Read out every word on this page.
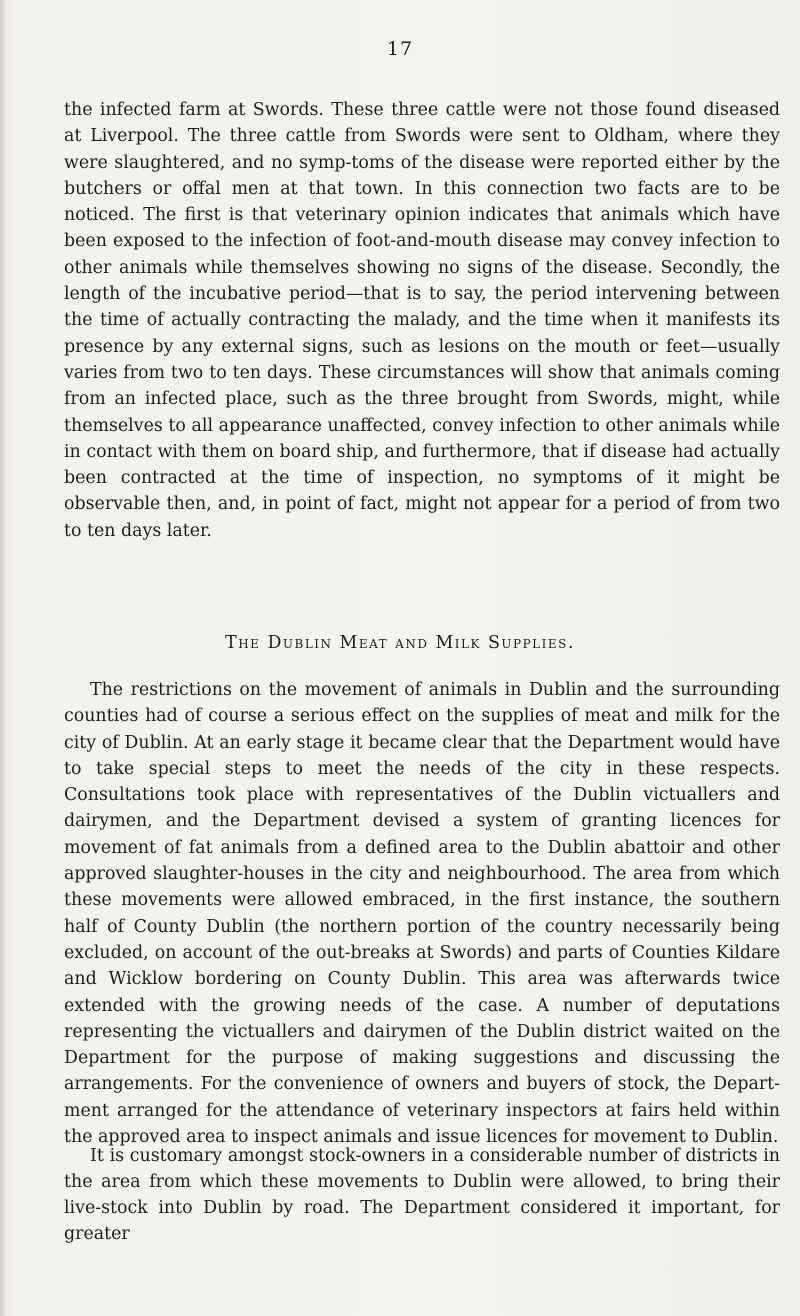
17

the infected farm at Swords. These three cattle were not those found diseased at Liverpool. The three cattle from Swords were sent to Oldham, where they were slaughtered, and no symp-toms of the disease were reported either by the butchers or offal men at that town. In this connection two facts are to be noticed. The first is that veterinary opinion indicates that animals which have been exposed to the infection of foot-and-mouth disease may convey infection to other animals while themselves showing no signs of the disease. Secondly, the length of the incubative period—that is to say, the period intervening between the time of actually contracting the malady, and the time when it manifests its presence by any external signs, such as lesions on the mouth or feet—usually varies from two to ten days. These circumstances will show that animals coming from an infected place, such as the three brought from Swords, might, while themselves to all appearance unaffected, convey infection to other animals while in contact with them on board ship, and furthermore, that if disease had actually been contracted at the time of inspection, no symptoms of it might be observable then, and, in point of fact, might not appear for a period of from two to ten days later.

The Dublin Meat and Milk Supplies.

The restrictions on the movement of animals in Dublin and the surrounding counties had of course a serious effect on the supplies of meat and milk for the city of Dublin. At an early stage it became clear that the Department would have to take special steps to meet the needs of the city in these respects. Consultations took place with representatives of the Dublin victuallers and dairymen, and the Department devised a system of granting licences for movement of fat animals from a defined area to the Dublin abattoir and other approved slaughter-houses in the city and neighbourhood. The area from which these movements were allowed embraced, in the first instance, the southern half of County Dublin (the northern portion of the country necessarily being excluded, on account of the out-breaks at Swords) and parts of Counties Kildare and Wicklow bordering on County Dublin. This area was afterwards twice extended with the growing needs of the case. A number of deputations representing the victuallers and dairymen of the Dublin district waited on the Department for the purpose of making suggestions and discussing the arrangements. For the convenience of owners and buyers of stock, the Depart-ment arranged for the attendance of veterinary inspectors at fairs held within the approved area to inspect animals and issue licences for movement to Dublin.

It is customary amongst stock-owners in a considerable number of districts in the area from which these movements to Dublin were allowed, to bring their live-stock into Dublin by road. The Department considered it important, for greater
